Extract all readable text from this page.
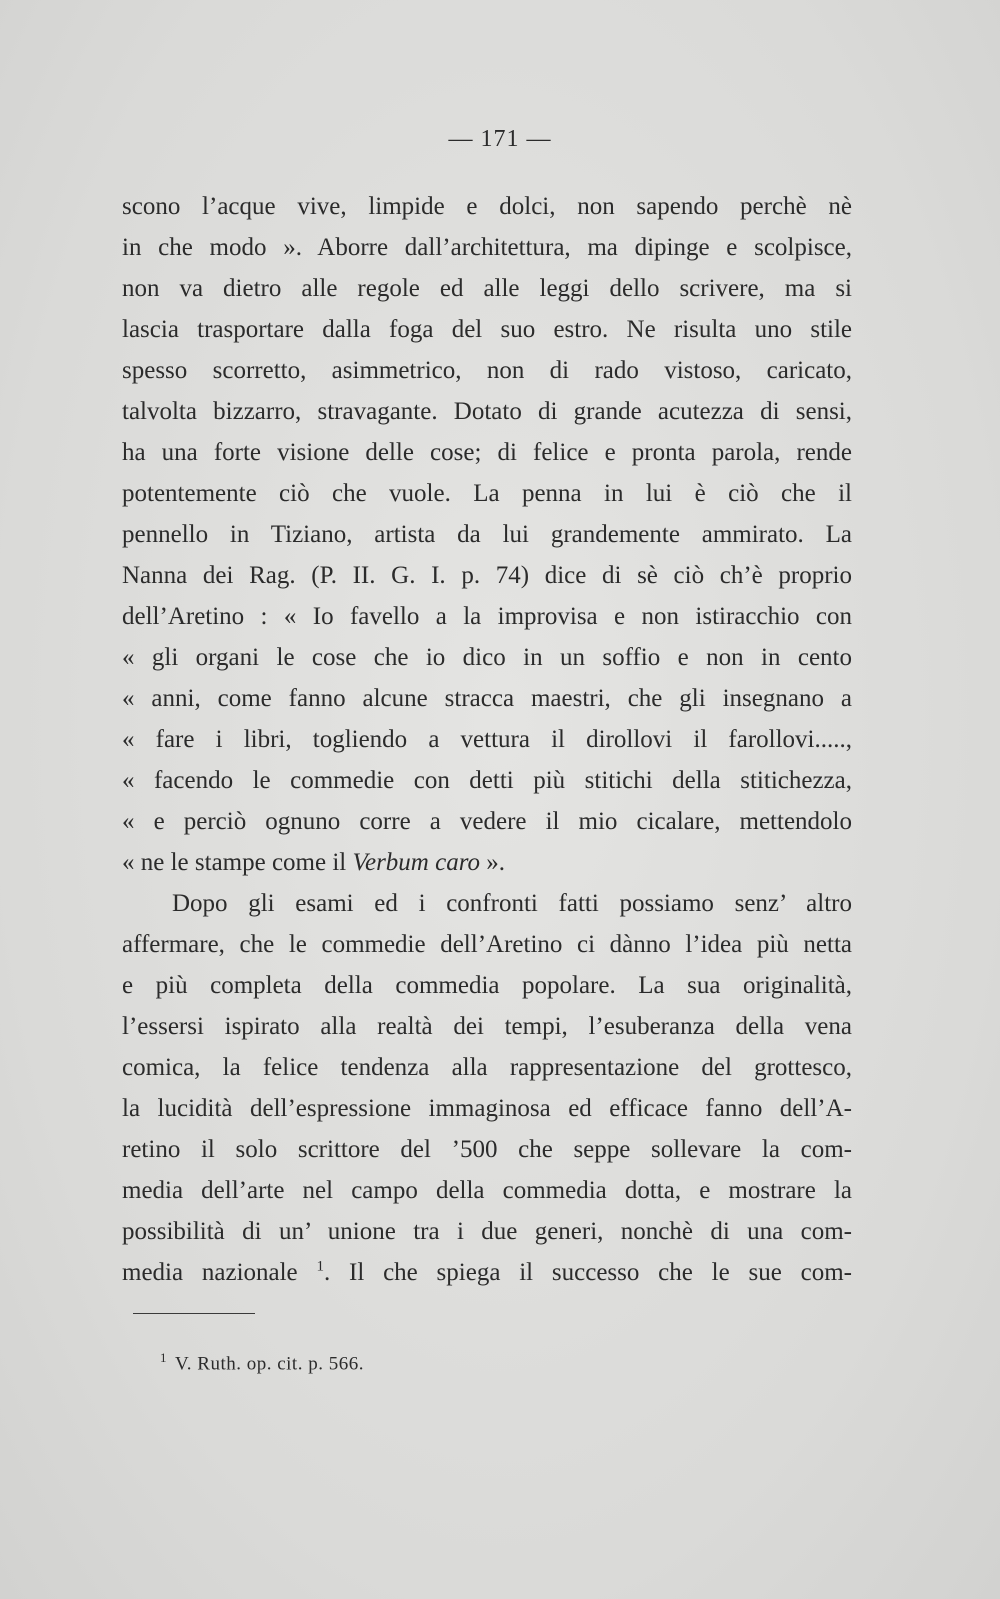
— 171 —
scono l’acque vive, limpide e dolci, non sapendo perchè nè
in che modo ». Aborre dall’architettura, ma dipinge e scolpisce,
non va dietro alle regole ed alle leggi dello scrivere, ma si
lascia trasportare dalla foga del suo estro. Ne risulta uno stile
spesso scorretto, asimmetrico, non di rado vistoso, caricato,
talvolta bizzarro, stravagante. Dotato di grande acutezza di sensi,
ha una forte visione delle cose; di felice e pronta parola, rende
potentemente ciò che vuole. La penna in lui è ciò che il
pennello in Tiziano, artista da lui grandemente ammirato. La
Nanna dei Rag. (P. II. G. I. p. 74) dice di sè ciò ch’è proprio
dell’Aretino : « Io favello a la improvisa e non istiracchio con
« gli organi le cose che io dico in un soffio e non in cento
« anni, come fanno alcune stracca maestri, che gli insegnano a
« fare i libri, togliendo a vettura il dirollovi il farollovi.....,
« facendo le commedie con detti più stitichi della stitichezza,
« e perciò ognuno corre a vedere il mio cicalare, mettendolo
« ne le stampe come il Verbum caro ».
Dopo gli esami ed i confronti fatti possiamo senz’ altro
affermare, che le commedie dell’Aretino ci dànno l’idea più netta
e più completa della commedia popolare. La sua originalità,
l’essersi ispirato alla realtà dei tempi, l’esuberanza della vena
comica, la felice tendenza alla rappresentazione del grottesco,
la lucidità dell’espressione immaginosa ed efficace fanno dell’A-
retino il solo scrittore del ’500 che seppe sollevare la com-
media dell’arte nel campo della commedia dotta, e mostrare la
possibilità di un’ unione tra i due generi, nonchè di una com-
media nazionale $^1$. Il che spiega il successo che le sue com-
$^1$ V. Ruth. op. cit. p. 566.
